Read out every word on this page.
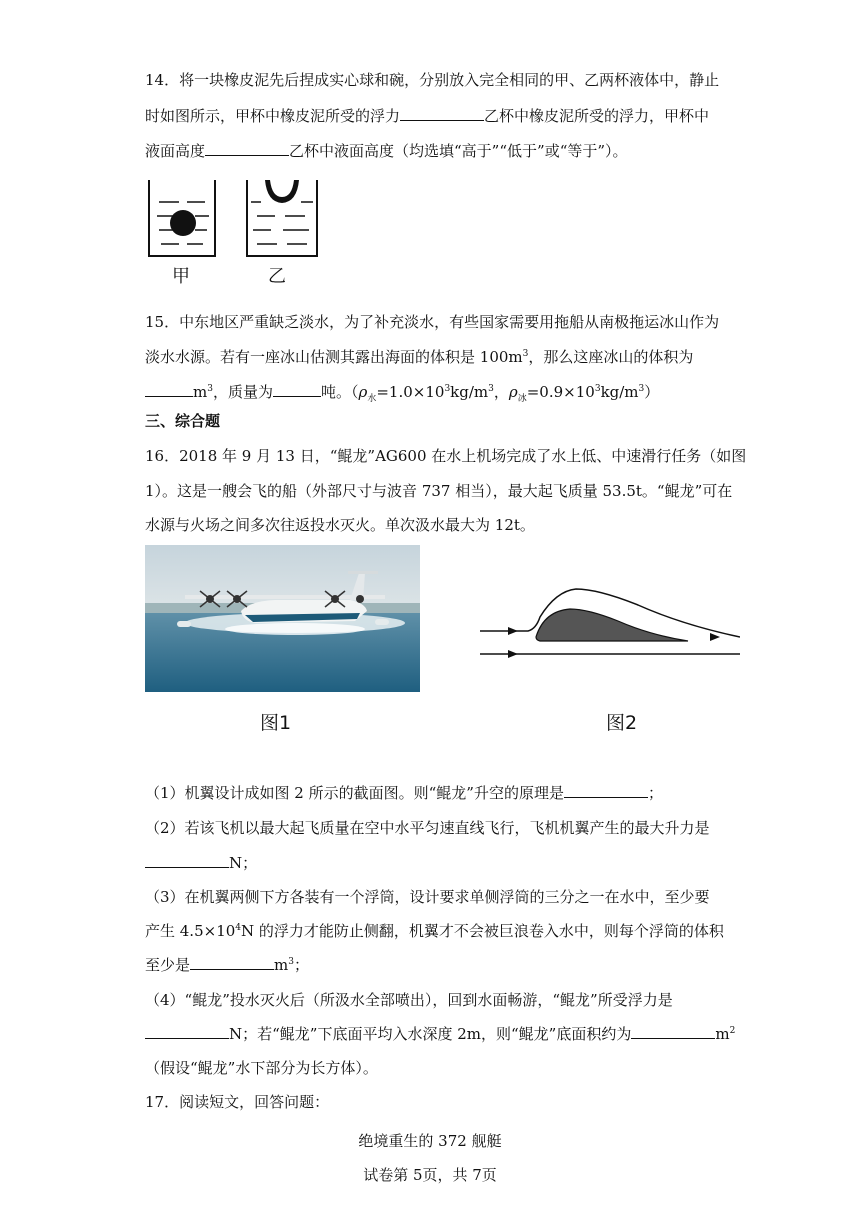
14．将一块橡皮泥先后捏成实心球和碗，分别放入完全相同的甲、乙两杯液体中，静止
时如图所示，甲杯中橡皮泥所受的浮力	乙杯中橡皮泥所受的浮力，甲杯中
液面高度	乙杯中液面高度（均选填“高于”“低于”或“等于”）。
甲	乙
15．中东地区严重缺乏淡水，为了补充淡水，有些国家需要用拖船从南极拖运冰山作为
淡水水源。若有一座冰山估测其露出海面的体积是 $100m^3$，那么这座冰山的体积为
$m^3$，质量为	吨。（$\rho_水=1.0\times 10^3kg/m^3$，$\rho_冰=0.9\times 10^3kg/m^3$）
三、综合题
16．2018 年 9 月 13 日，“鲲龙”AG600 在水上机场完成了水上低、中速滑行任务（如图
1）。这是一艘会飞的船（外部尺寸与波音 737 相当），最大起飞质量 53.5t。“鲲龙”可在
水源与火场之间多次往返投水灭火。单次汲水最大为 12t。
图1	图2
（1）机翼设计成如图 2 所示的截面图。则“鲲龙”升空的原理是	；
（2）若该飞机以最大起飞质量在空中水平匀速直线飞行，飞机机翼产生的最大升力是
N；
（3）在机翼两侧下方各装有一个浮筒，设计要求单侧浮筒的三分之一在水中，至少要
产生 $4.5\times 10^4N$ 的浮力才能防止侧翻，机翼才不会被巨浪卷入水中，则每个浮筒的体积
至少是	$m^3$；
（4）“鲲龙”投水灭火后（所汲水全部喷出），回到水面畅游，“鲲龙”所受浮力是
N；若“鲲龙”下底面平均入水深度 2m，则“鲲龙”底面积约为	$m^2$
（假设“鲲龙”水下部分为长方体）。
17．阅读短文，回答问题：
绝境重生的 372 舰艇
试卷第 5页，共 7页
